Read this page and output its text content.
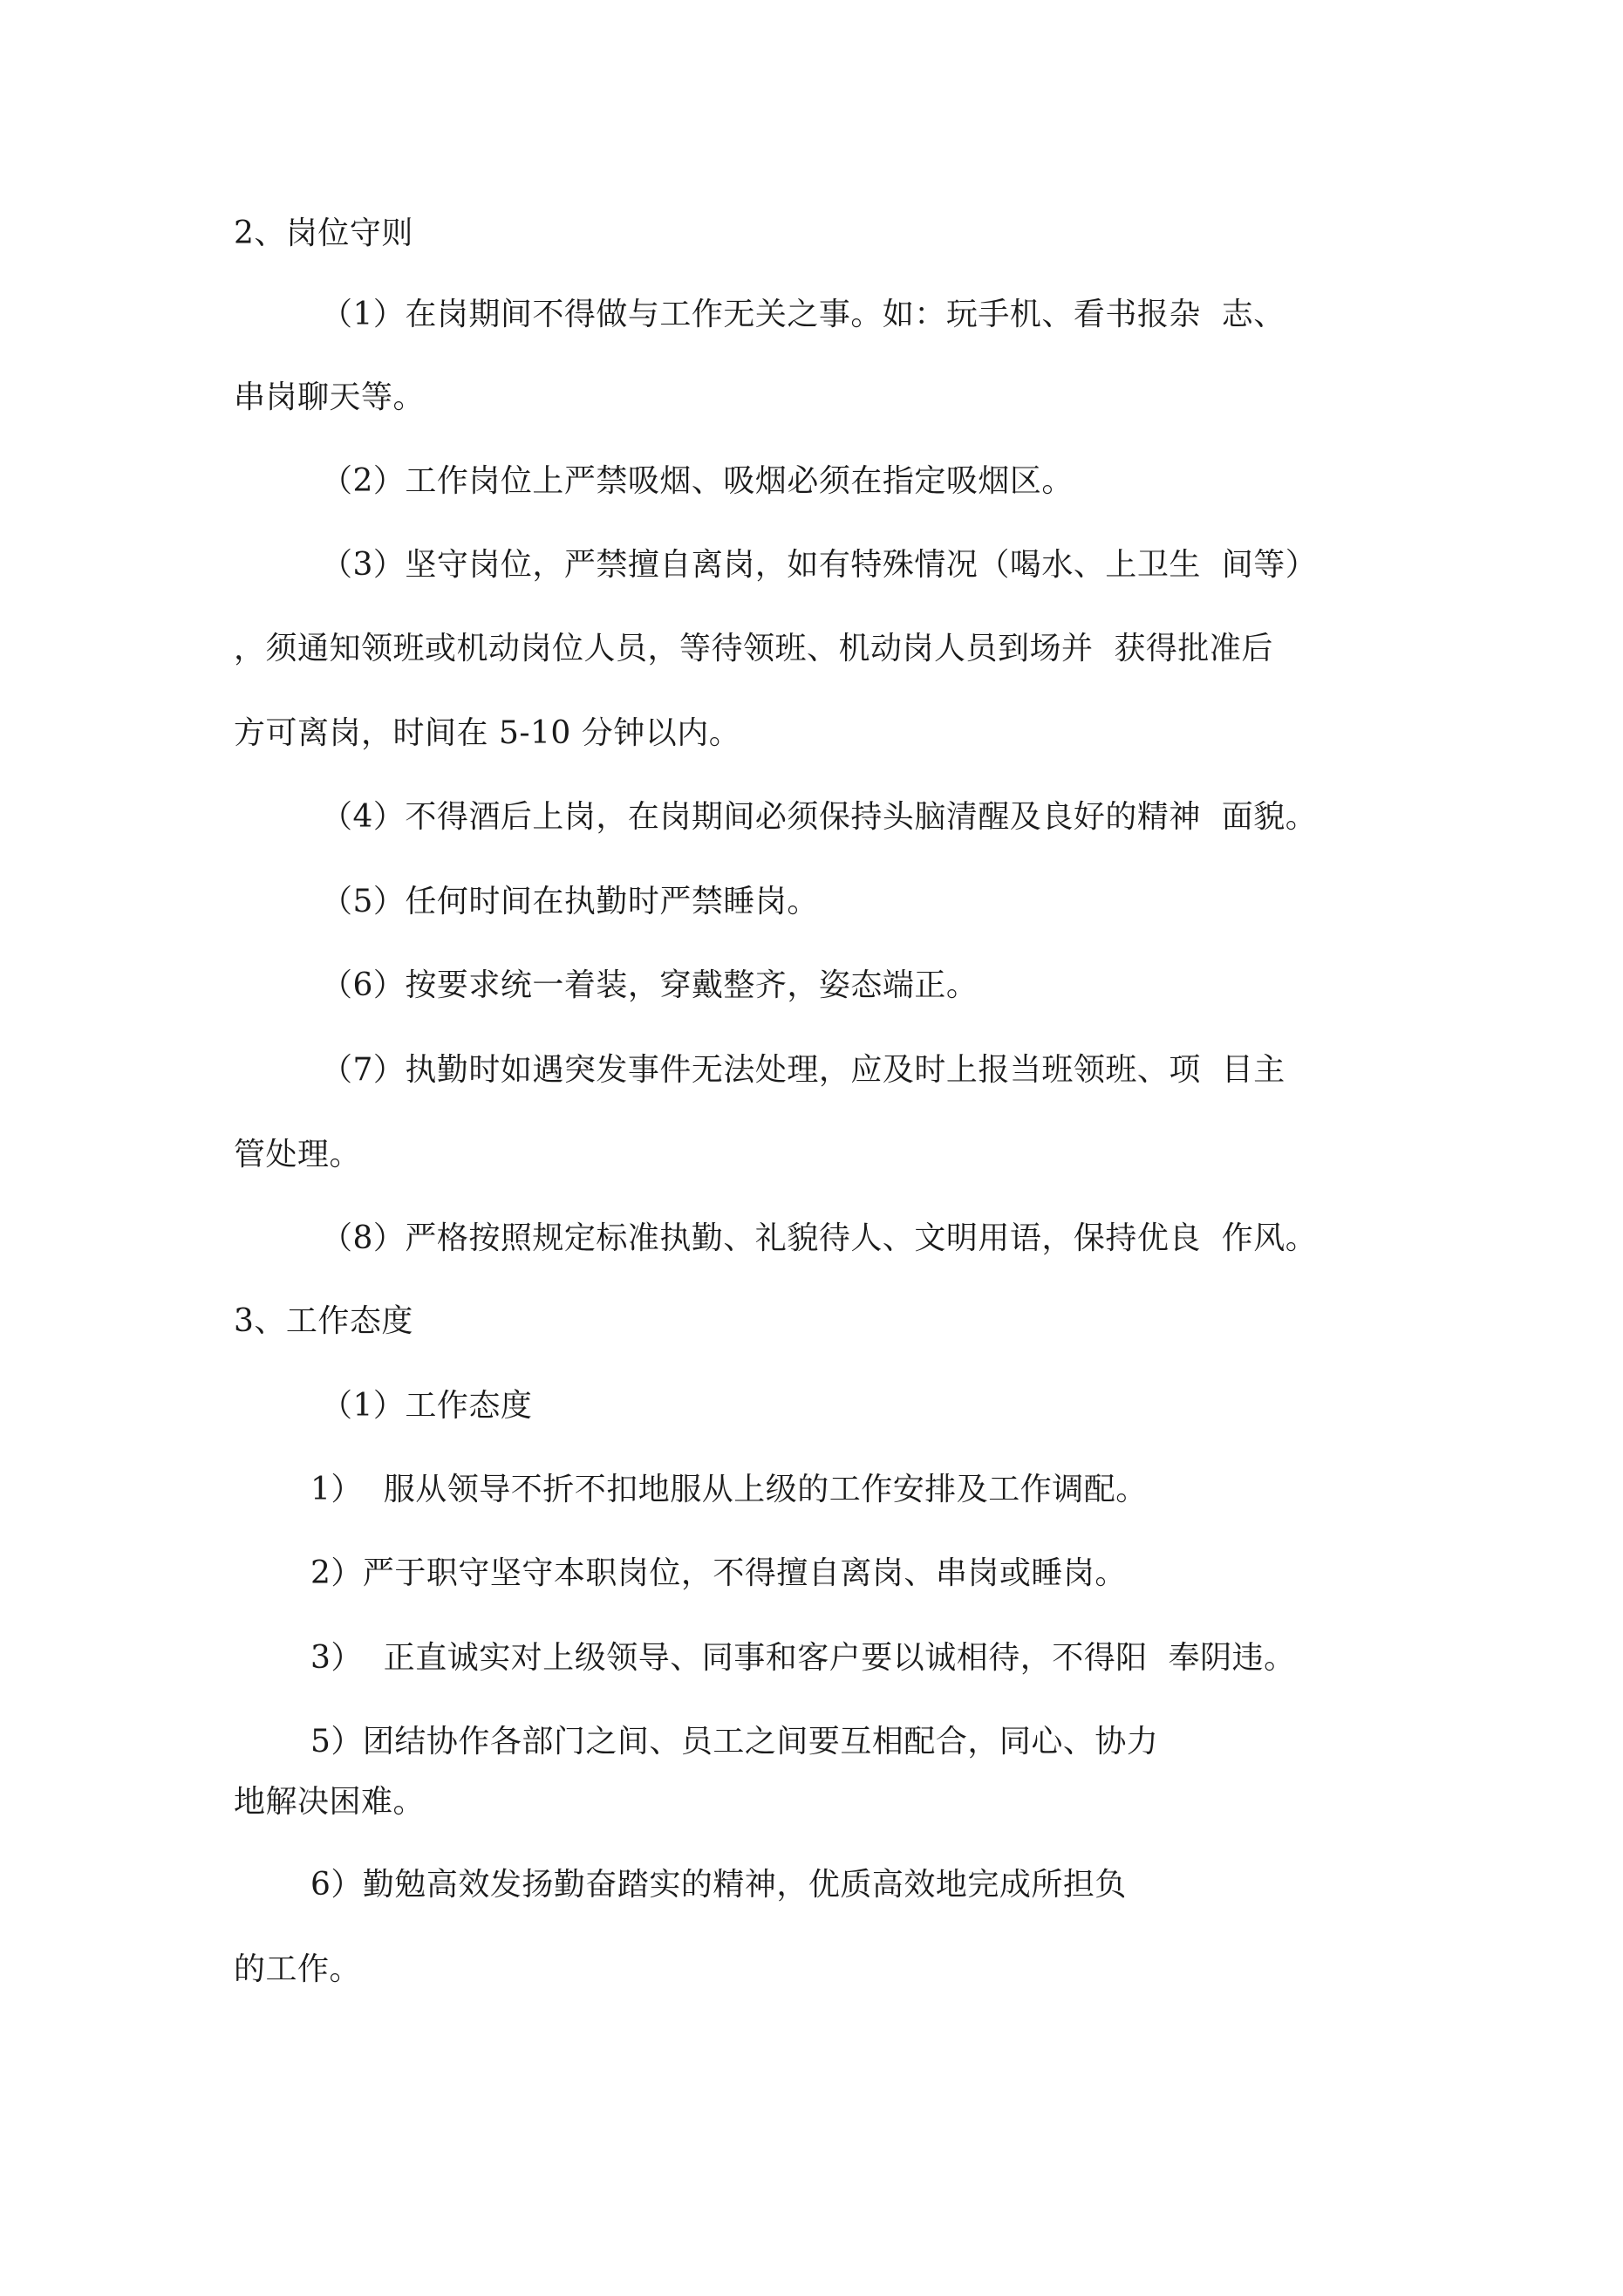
2、岗位守则
（1）在岗期间不得做与工作无关之事。如：玩手机、看书报杂  志、
串岗聊天等。
（2）工作岗位上严禁吸烟、吸烟必须在指定吸烟区。
（3）坚守岗位，严禁擅自离岗，如有特殊情况（喝水、上卫生  间等）
，须通知领班或机动岗位人员，等待领班、机动岗人员到场并  获得批准后
方可离岗，时间在 5-10 分钟以内。
（4）不得酒后上岗，在岗期间必须保持头脑清醒及良好的精神  面貌。
（5）任何时间在执勤时严禁睡岗。
（6）按要求统一着装，穿戴整齐，姿态端正。
（7）执勤时如遇突发事件无法处理，应及时上报当班领班、项  目主
管处理。
（8）严格按照规定标准执勤、礼貌待人、文明用语，保持优良  作风。
3、工作态度
（1）工作态度
1）  服从领导不折不扣地服从上级的工作安排及工作调配。
2）严于职守坚守本职岗位，不得擅自离岗、串岗或睡岗。
3）  正直诚实对上级领导、同事和客户要以诚相待，不得阳  奉阴违。
5）团结协作各部门之间、员工之间要互相配合，同心、协力
地解决困难。
6）勤勉高效发扬勤奋踏实的精神，优质高效地完成所担负
的工作。
